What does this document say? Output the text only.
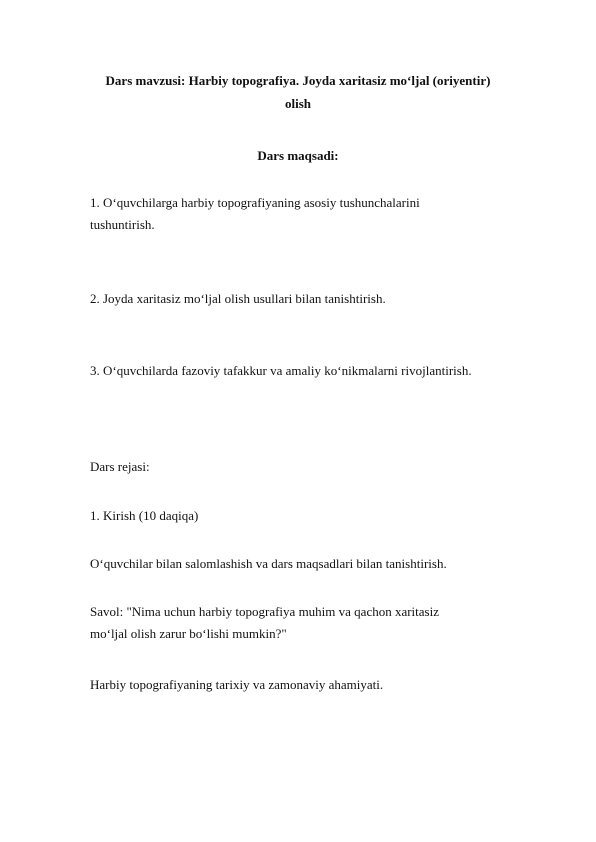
Dars mavzusi: Harbiy topografiya. Joyda xaritasiz mo‘ljal (oriyentir)

olish

Dars maqsadi:

1. O‘quvchilarga harbiy topografiyaning asosiy tushunchalarini

tushuntirish.

2. Joyda xaritasiz mo‘ljal olish usullari bilan tanishtirish.

3. O‘quvchilarda fazoviy tafakkur va amaliy ko‘nikmalarni rivojlantirish.

Dars rejasi:

1. Kirish (10 daqiqa)

O‘quvchilar bilan salomlashish va dars maqsadlari bilan tanishtirish.

Savol: "Nima uchun harbiy topografiya muhim va qachon xaritasiz

mo‘ljal olish zarur bo‘lishi mumkin?"

Harbiy topografiyaning tarixiy va zamonaviy ahamiyati.
